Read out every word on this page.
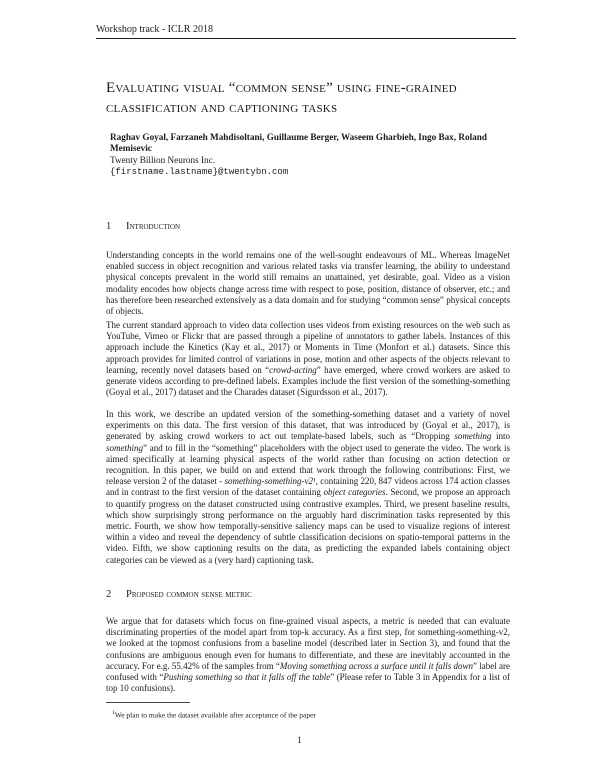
Workshop track - ICLR 2018
Evaluating visual “common sense” using fine-grained classification and captioning tasks
Raghav Goyal, Farzaneh Mahdisoltani, Guillaume Berger, Waseem Gharbieh, Ingo Bax, Roland Memisevic
Twenty Billion Neurons Inc.
{firstname.lastname}@twentybn.com
1 Introduction

Understanding concepts in the world remains one of the well-sought endeavours of ML. Whereas ImageNet enabled success in object recognition and various related tasks via transfer learning, the ability to understand physical concepts prevalent in the world still remains an unattained, yet desirable, goal. Video as a vision modality encodes how objects change across time with respect to pose, position, distance of observer, etc.; and has therefore been researched extensively as a data domain and for studying “common sense” physical concepts of objects.

The current standard approach to video data collection uses videos from existing resources on the web such as YouTube, Vimeo or Flickr that are passed through a pipeline of annotators to gather labels. Instances of this approach include the Kinetics (Kay et al., 2017) or Moments in Time (Monfort et al.) datasets. Since this approach provides for limited control of variations in pose, motion and other aspects of the objects relevant to learning, recently novel datasets based on “crowd-acting” have emerged, where crowd workers are asked to generate videos according to pre-defined labels. Examples include the first version of the something-something (Goyal et al., 2017) dataset and the Charades dataset (Sigurdsson et al., 2017).

In this work, we describe an updated version of the something-something dataset and a variety of novel experiments on this data. The first version of this dataset, that was introduced by (Goyal et al., 2017), is generated by asking crowd workers to act out template-based labels, such as “Dropping something into something” and to fill in the “something” placeholders with the object used to generate the video. The work is aimed specifically at learning physical aspects of the world rather than focusing on action detection or recognition. In this paper, we build on and extend that work through the following contributions: First, we release version 2 of the dataset - something-something-v2¹, containing 220, 847 videos across 174 action classes and in contrast to the first version of the dataset containing object categories. Second, we propose an approach to quantify progress on the dataset constructed using contrastive examples. Third, we present baseline results, which show surprisingly strong performance on the arguably hard discrimination tasks represented by this metric. Fourth, we show how temporally-sensitive saliency maps can be used to visualize regions of interest within a video and reveal the dependency of subtle classification decisions on spatio-temporal patterns in the video. Fifth, we show captioning results on the data, as predicting the expanded labels containing object categories can be viewed as a (very hard) captioning task.

2 Proposed common sense metric

We argue that for datasets which focus on fine-grained visual aspects, a metric is needed that can evaluate discriminating properties of the model apart from top-k accuracy. As a first step, for something-something-v2, we looked at the topmost confusions from a baseline model (described later in Section 3), and found that the confusions are ambiguous enough even for humans to differentiate, and these are inevitably accounted in the accuracy. For e.g. 55.42% of the samples from “Moving something across a surface until it falls down” label are confused with “Pushing something so that it falls off the table” (Please refer to Table 3 in Appendix for a list of top 10 confusions).

$^1$We plan to make the dataset available after acceptance of the paper
1
